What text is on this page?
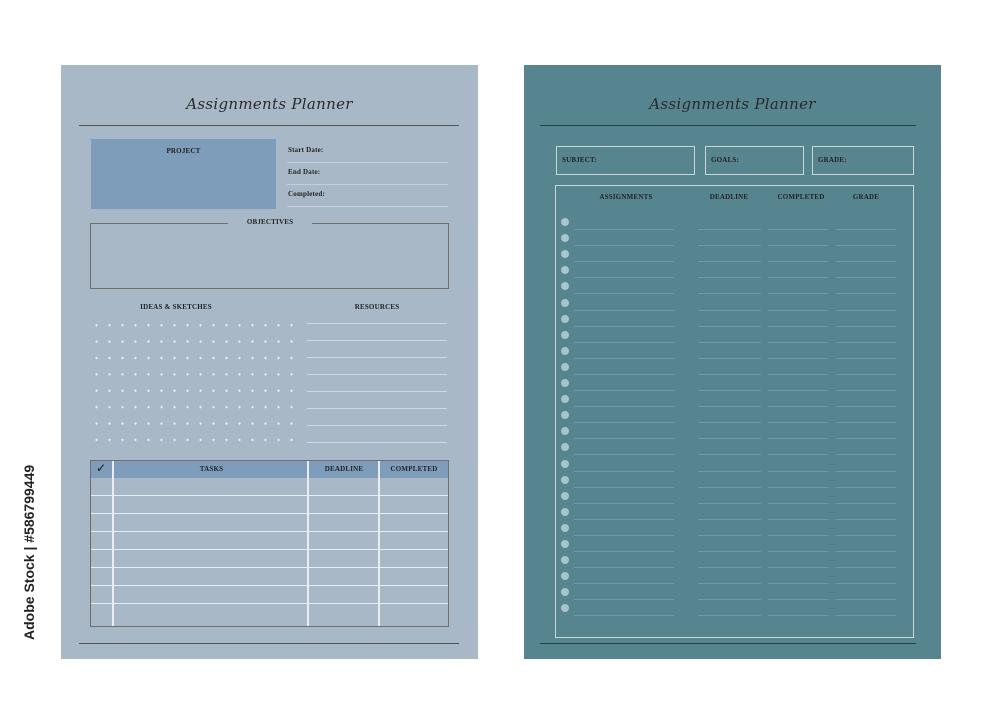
Assignments Planner
PROJECT	Start Date:
End Date:
Completed:
OBJECTIVES
IDEAS & SKETCHES	RESOURCES
✓	TASKS	DEADLINE	COMPLETED
Assignments Planner
SUBJECT:	GOALS:	GRADE:
ASSIGNMENTS	DEADLINE	COMPLETED	GRADE
Adobe Stock | #586799449
